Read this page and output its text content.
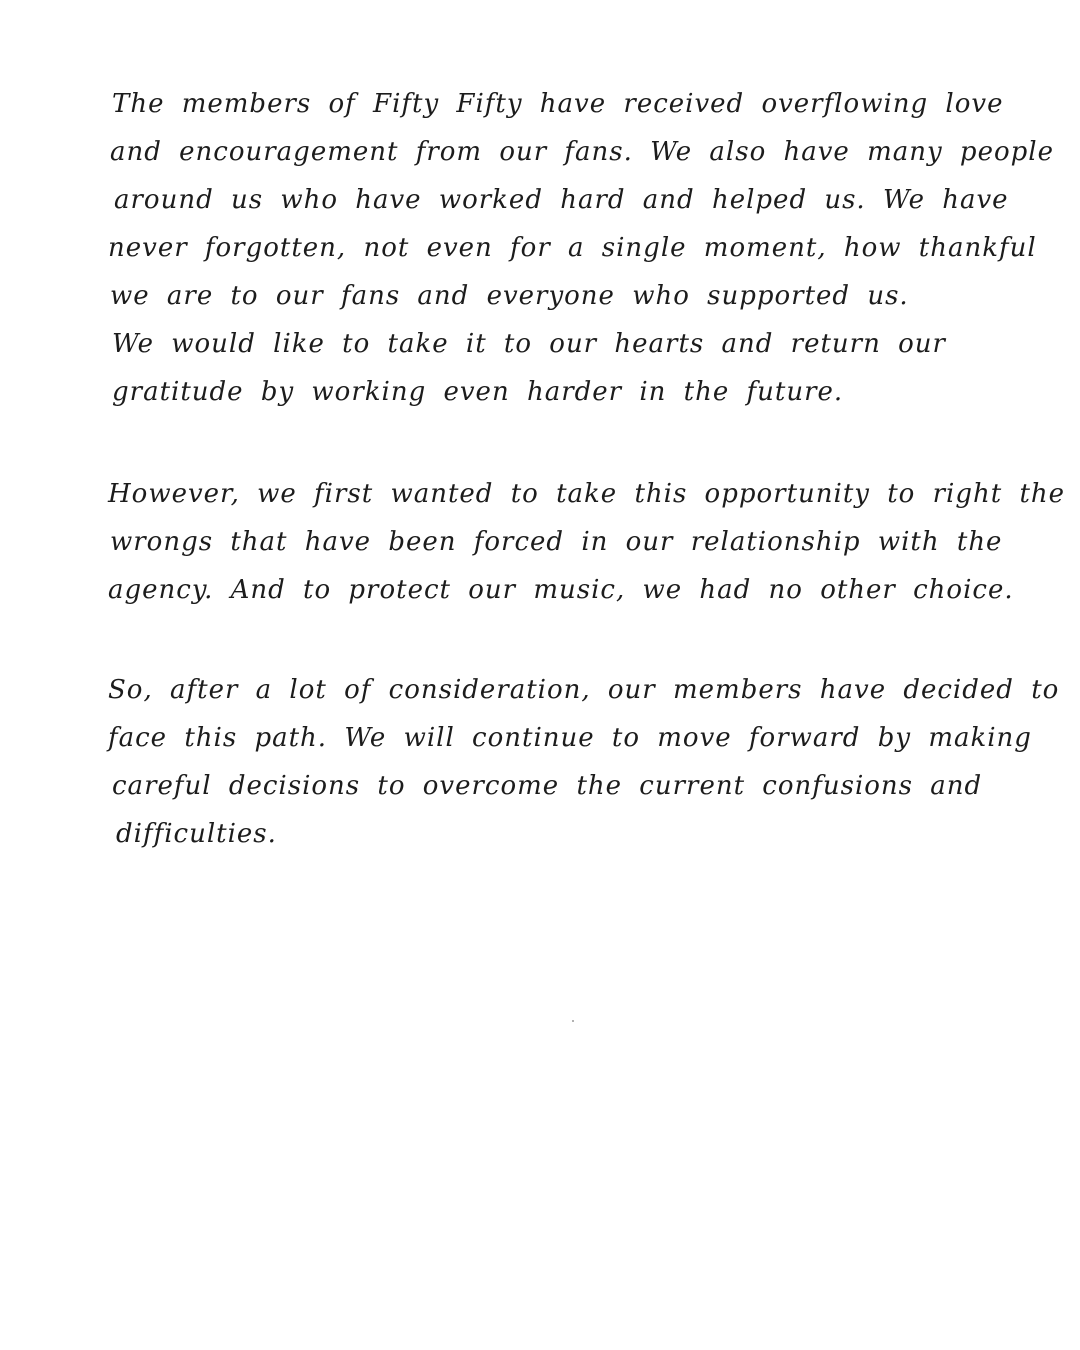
The members of Fifty Fifty have received overflowing love
and encouragement from our fans. We also have many people
around us who have worked hard and helped us. We have
never forgotten, not even for a single moment, how thankful
we are to our fans and everyone who supported us.
We would like to take it to our hearts and return our
gratitude by working even harder in the future.
However, we first wanted to take this opportunity to right the
wrongs that have been forced in our relationship with the
agency. And to protect our music, we had no other choice.
So, after a lot of consideration, our members have decided to
face this path. We will continue to move forward by making
careful decisions to overcome the current confusions and
difficulties.
